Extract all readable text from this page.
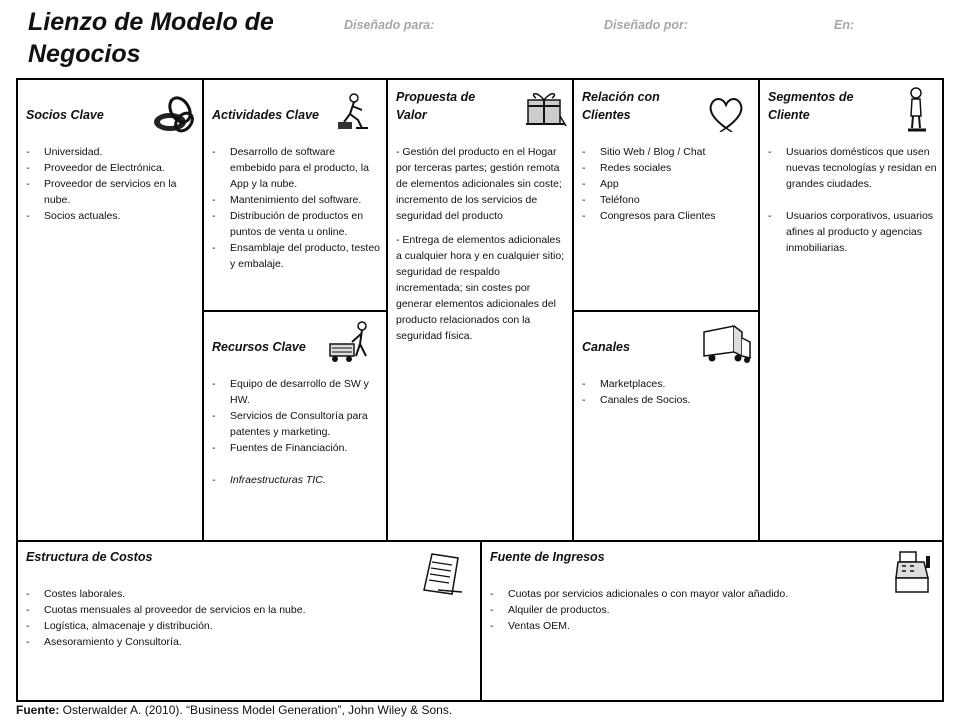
Lienzo de Modelo de Negocios
Diseñado para:	Diseñado por:	En:
Socios Clave
- Universidad.
- Proveedor de Electrónica.
- Proveedor de servicios en la nube.
- Socios actuales.
Actividades Clave
- Desarrollo de software embebido para el producto, la App y la nube.
- Mantenimiento del software.
- Distribución de productos en puntos de venta u online.
- Ensamblaje del producto, testeo y embalaje.
Recursos Clave
- Equipo de desarrollo de SW y HW.
- Servicios de Consultoría para patentes y marketing.
- Fuentes de Financiación.
- Infraestructuras TIC.
Propuesta de Valor

- Gestión del producto en el Hogar por terceras partes; gestión remota de elementos adicionales sin coste; incremento de los servicios de seguridad del producto

- Entrega de elementos adicionales a cualquier hora y en cualquier sitio; seguridad de respaldo incrementada; sin costes por generar elementos adicionales del producto relacionados con la seguridad física.

Relación con Clientes
- Sitio Web / Blog / Chat
- Redes sociales
- App
- Teléfono
- Congresos para Clientes
Canales
- Marketplaces.
- Canales de Socios.
Segmentos de Cliente
- Usuarios domésticos que usen nuevas tecnologías y residan en grandes ciudades.
- Usuarios corporativos, usuarios afines al producto y agencias inmobiliarias.
Estructura de Costos
- Costes laborales.
- Cuotas mensuales al proveedor de servicios en la nube.
- Logística, almacenaje y distribución.
- Asesoramiento y Consultoría.
Fuente de Ingresos
- Cuotas por servicios adicionales o con mayor valor añadido.
- Alquiler de productos.
- Ventas OEM.
Fuente: Osterwalder A. (2010). “Business Model Generation”, John Wiley & Sons.
